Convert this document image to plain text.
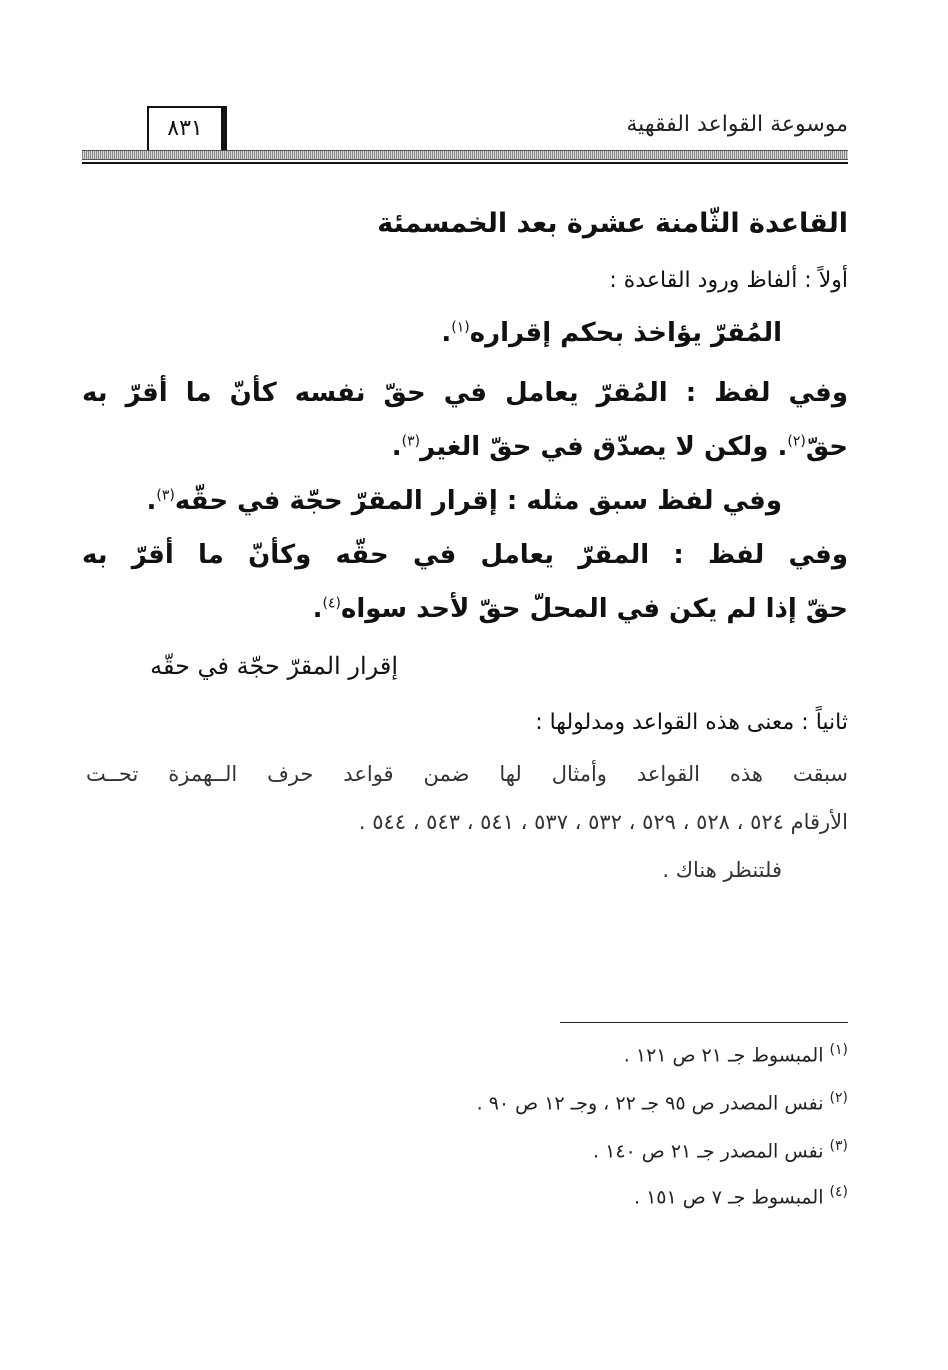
موسوعة القواعد الفقهية
٨٣١
القاعدة الثّامنة عشرة بعد الخمسمئة
أولاً : ألفاظ ورود القاعدة :
المُقرّ يؤاخذ بحكم إقراره$^{(١)}$.
وفي لفظ : المُقرّ يعامل في حقّ نفسه كأنّ ما أقرّ به
حقّ$^{(٢)}$. ولكن لا يصدّق في حقّ الغير$^{(٣)}$.
وفي لفظ سبق مثله : إقرار المقرّ حجّة في حقّه$^{(٣)}$.
وفي لفظ : المقرّ يعامل في حقّه وكأنّ ما أقرّ به
حقّ إذا لم يكن في المحلّ حقّ لأحد سواه$^{(٤)}$.
إقرار المقرّ حجّة في حقّه
ثانياً : معنى هذه القواعد ومدلولها :
سبقت هذه القواعد وأمثال لها ضمن قواعد حرف الــهمزة تحــت
الأرقام ٥٢٤ ، ٥٢٨ ، ٥٢٩ ، ٥٣٢ ، ٥٣٧ ، ٥٤١ ، ٥٤٣ ، ٥٤٤ .
فلتنظر هناك .
$^{(١)}$ المبسوط جـ ٢١ ص ١٢١ .
$^{(٢)}$ نفس المصدر ص ٩٥ جـ ٢٢ ، وجـ ١٢ ص ٩٠ .
$^{(٣)}$ نفس المصدر جـ ٢١ ص ١٤٠ .
$^{(٤)}$ المبسوط جـ ٧ ص ١٥١ .
